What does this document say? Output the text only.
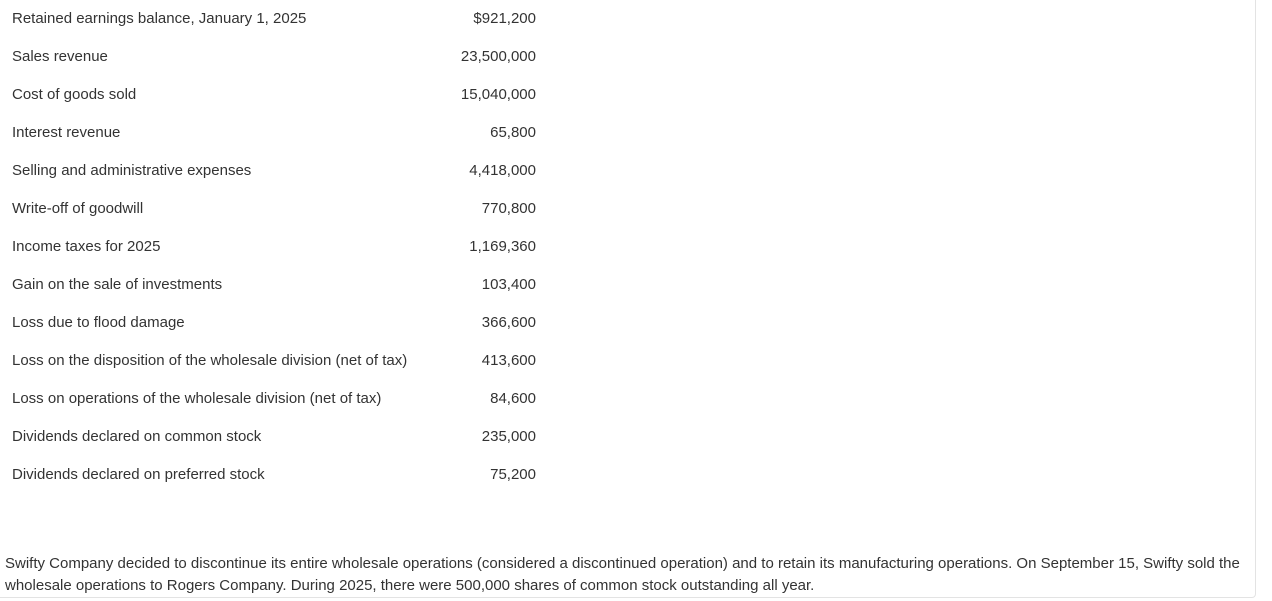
Retained earnings balance, January 1, 2025	$921,200
Sales revenue	23,500,000
Cost of goods sold	15,040,000
Interest revenue	65,800
Selling and administrative expenses	4,418,000
Write-off of goodwill	770,800
Income taxes for 2025	1,169,360
Gain on the sale of investments	103,400
Loss due to flood damage	366,600
Loss on the disposition of the wholesale division (net of tax)	413,600
Loss on operations of the wholesale division (net of tax)	84,600
Dividends declared on common stock	235,000
Dividends declared on preferred stock	75,200

Swifty Company decided to discontinue its entire wholesale operations (considered a discontinued operation) and to retain its manufacturing operations. On September 15, Swifty sold the wholesale operations to Rogers Company. During 2025, there were 500,000 shares of common stock outstanding all year.
